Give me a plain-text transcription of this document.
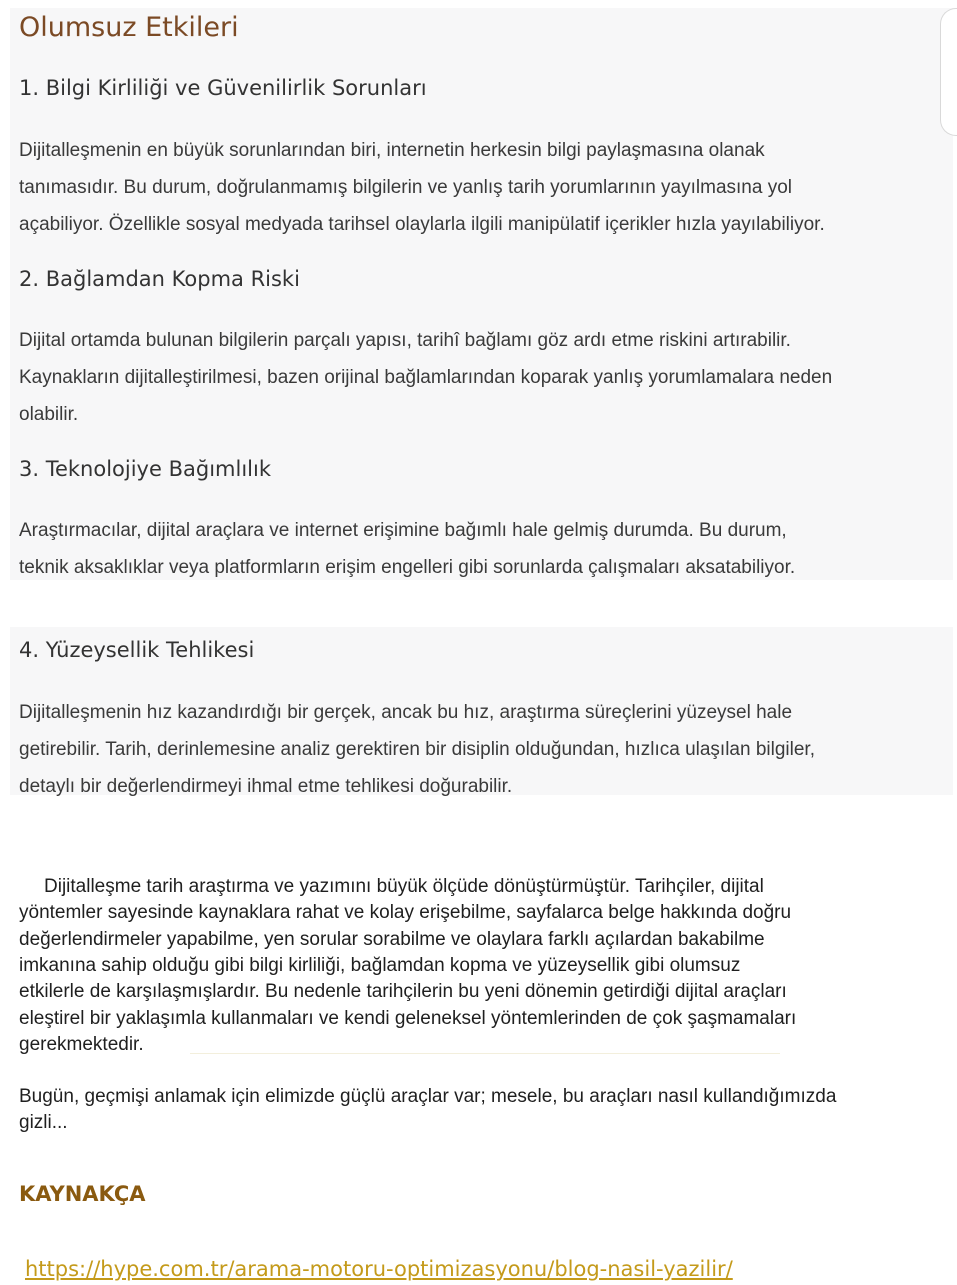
Olumsuz Etkileri
1. Bilgi Kirliliği ve Güvenilirlik Sorunları

Dijitalleşmenin en büyük sorunlarından biri, internetin herkesin bilgi paylaşmasına olanak

tanımasıdır. Bu durum, doğrulanmamış bilgilerin ve yanlış tarih yorumlarının yayılmasına yol

açabiliyor. Özellikle sosyal medyada tarihsel olaylarla ilgili manipülatif içerikler hızla yayılabiliyor.

2. Bağlamdan Kopma Riski

Dijital ortamda bulunan bilgilerin parçalı yapısı, tarihî bağlamı göz ardı etme riskini artırabilir.

Kaynakların dijitalleştirilmesi, bazen orijinal bağlamlarından koparak yanlış yorumlamalara neden

olabilir.

3. Teknolojiye Bağımlılık

Araştırmacılar, dijital araçlara ve internet erişimine bağımlı hale gelmiş durumda. Bu durum,

teknik aksaklıklar veya platformların erişim engelleri gibi sorunlarda çalışmaları aksatabiliyor.

4. Yüzeysellik Tehlikesi

Dijitalleşmenin hız kazandırdığı bir gerçek, ancak bu hız, araştırma süreçlerini yüzeysel hale

getirebilir. Tarih, derinlemesine analiz gerektiren bir disiplin olduğundan, hızlıca ulaşılan bilgiler,

detaylı bir değerlendirmeyi ihmal etme tehlikesi doğurabilir.

Dijitalleşme tarih araştırma ve yazımını büyük ölçüde dönüştürmüştür. Tarihçiler, dijital

yöntemler sayesinde kaynaklara rahat ve kolay erişebilme, sayfalarca belge hakkında doğru

değerlendirmeler yapabilme, yen sorular sorabilme ve olaylara farklı açılardan bakabilme

imkanına sahip olduğu gibi bilgi kirliliği, bağlamdan kopma ve yüzeysellik gibi olumsuz

etkilerle de karşılaşmışlardır. Bu nedenle tarihçilerin bu yeni dönemin getirdiği dijital araçları

eleştirel bir yaklaşımla kullanmaları ve kendi geleneksel yöntemlerinden de çok şaşmamaları

gerekmektedir.

Bugün, geçmişi anlamak için elimizde güçlü araçlar var; mesele, bu araçları nasıl kullandığımızda

gizli...

KAYNAKÇA
https://hype.com.tr/arama-motoru-optimizasyonu/blog-nasil-yazilir/
